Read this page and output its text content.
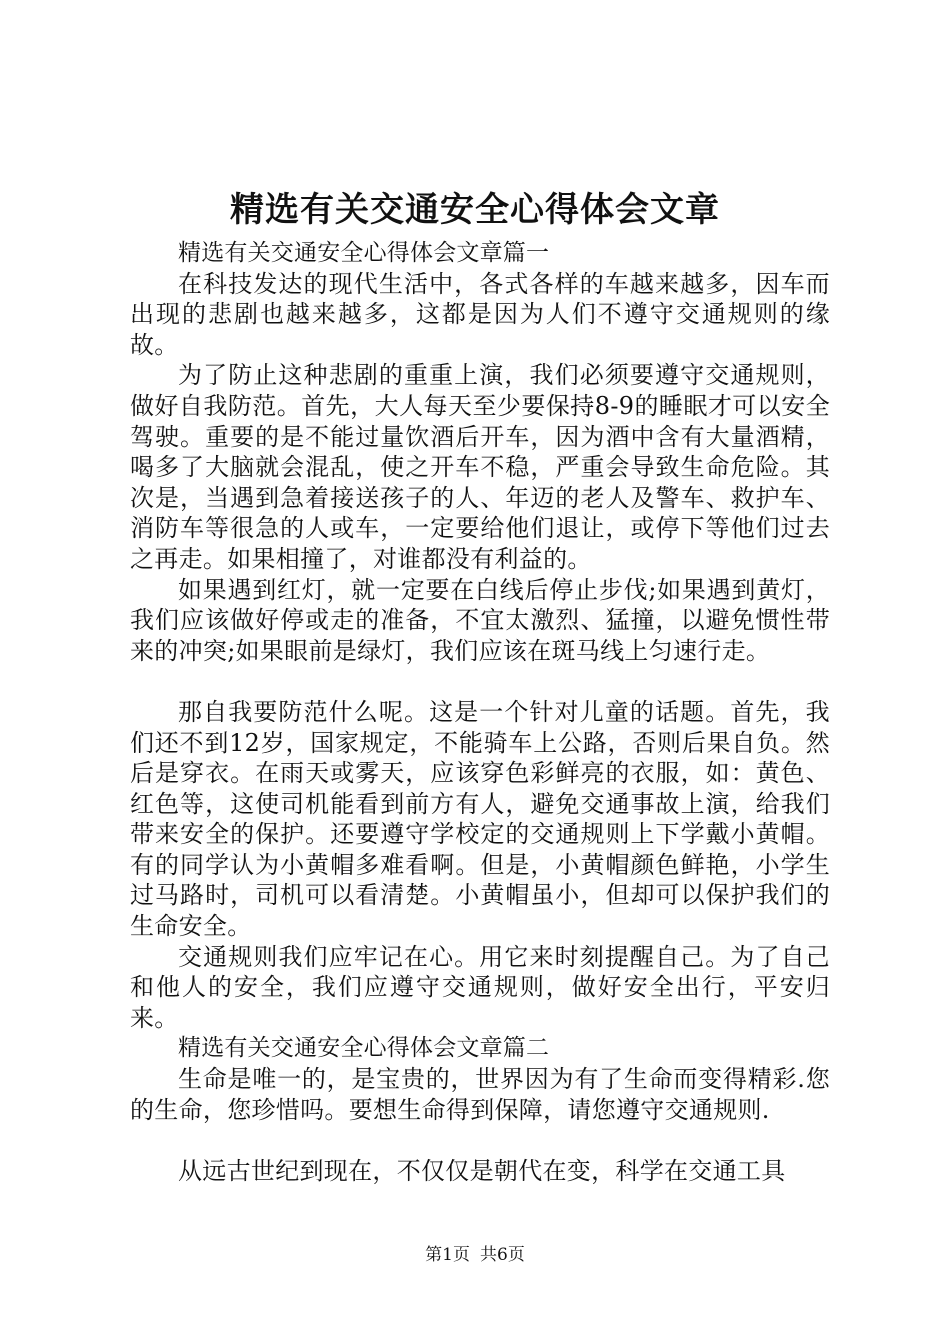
精选有关交通安全心得体会文章

精选有关交通安全心得体会文章篇一

在科技发达的现代生活中，各式各样的车越来越多，因车而出现的悲剧也越来越多，这都是因为人们不遵守交通规则的缘故。

为了防止这种悲剧的重重上演，我们必须要遵守交通规则，做好自我防范。首先，大人每天至少要保持8-9的睡眠才可以安全驾驶。重要的是不能过量饮酒后开车，因为酒中含有大量酒精，喝多了大脑就会混乱，使之开车不稳，严重会导致生命危险。其次是，当遇到急着接送孩子的人、年迈的老人及警车、救护车、消防车等很急的人或车，一定要给他们退让，或停下等他们过去之再走。如果相撞了，对谁都没有利益的。

如果遇到红灯，就一定要在白线后停止步伐;如果遇到黄灯，我们应该做好停或走的准备，不宜太激烈、猛撞，以避免惯性带来的冲突;如果眼前是绿灯，我们应该在斑马线上匀速行走。

那自我要防范什么呢。这是一个针对儿童的话题。首先，我们还不到12岁，国家规定，不能骑车上公路，否则后果自负。然后是穿衣。在雨天或雾天，应该穿色彩鲜亮的衣服，如：黄色、红色等，这使司机能看到前方有人，避免交通事故上演，给我们带来安全的保护。还要遵守学校定的交通规则上下学戴小黄帽。有的同学认为小黄帽多难看啊。但是，小黄帽颜色鲜艳，小学生过马路时，司机可以看清楚。小黄帽虽小，但却可以保护我们的生命安全。

交通规则我们应牢记在心。用它来时刻提醒自己。为了自己和他人的安全，我们应遵守交通规则，做好安全出行，平安归来。

精选有关交通安全心得体会文章篇二

生命是唯一的，是宝贵的，世界因为有了生命而变得精彩.您的生命，您珍惜吗。要想生命得到保障，请您遵守交通规则.

从远古世纪到现在，不仅仅是朝代在变，科学在交通工具

第1页 共6页
